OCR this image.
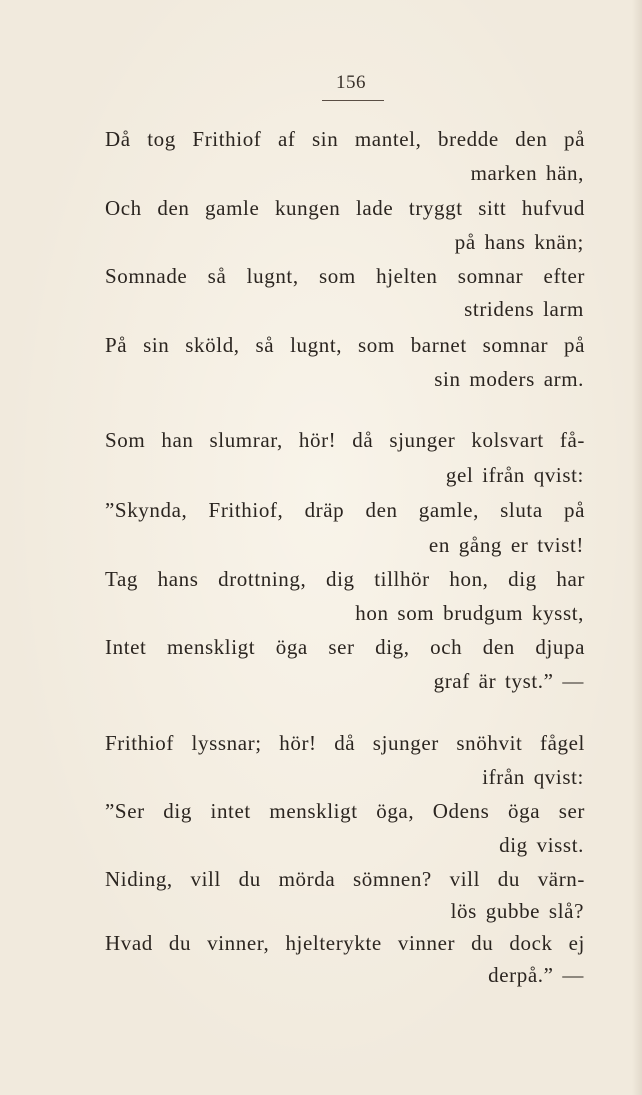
156
Då tog Frithiof af sin mantel, bredde den på
marken hän,
Och den gamle kungen lade tryggt sitt hufvud
på hans knän;
Somnade så lugnt, som hjelten somnar efter
stridens larm
På sin sköld, så lugnt, som barnet somnar på
sin moders arm.
Som han slumrar, hör! då sjunger kolsvart få-
gel ifrån qvist:
”Skynda, Frithiof, dräp den gamle, sluta på
en gång er tvist!
Tag hans drottning, dig tillhör hon, dig har
hon som brudgum kysst,
Intet menskligt öga ser dig, och den djupa
graf är tyst.” —
Frithiof lyssnar; hör! då sjunger snöhvit fågel
ifrån qvist:
”Ser dig intet menskligt öga, Odens öga ser
dig visst.
Niding, vill du mörda sömnen? vill du värn-
lös gubbe slå?
Hvad du vinner, hjelterykte vinner du dock ej
derpå.” —
